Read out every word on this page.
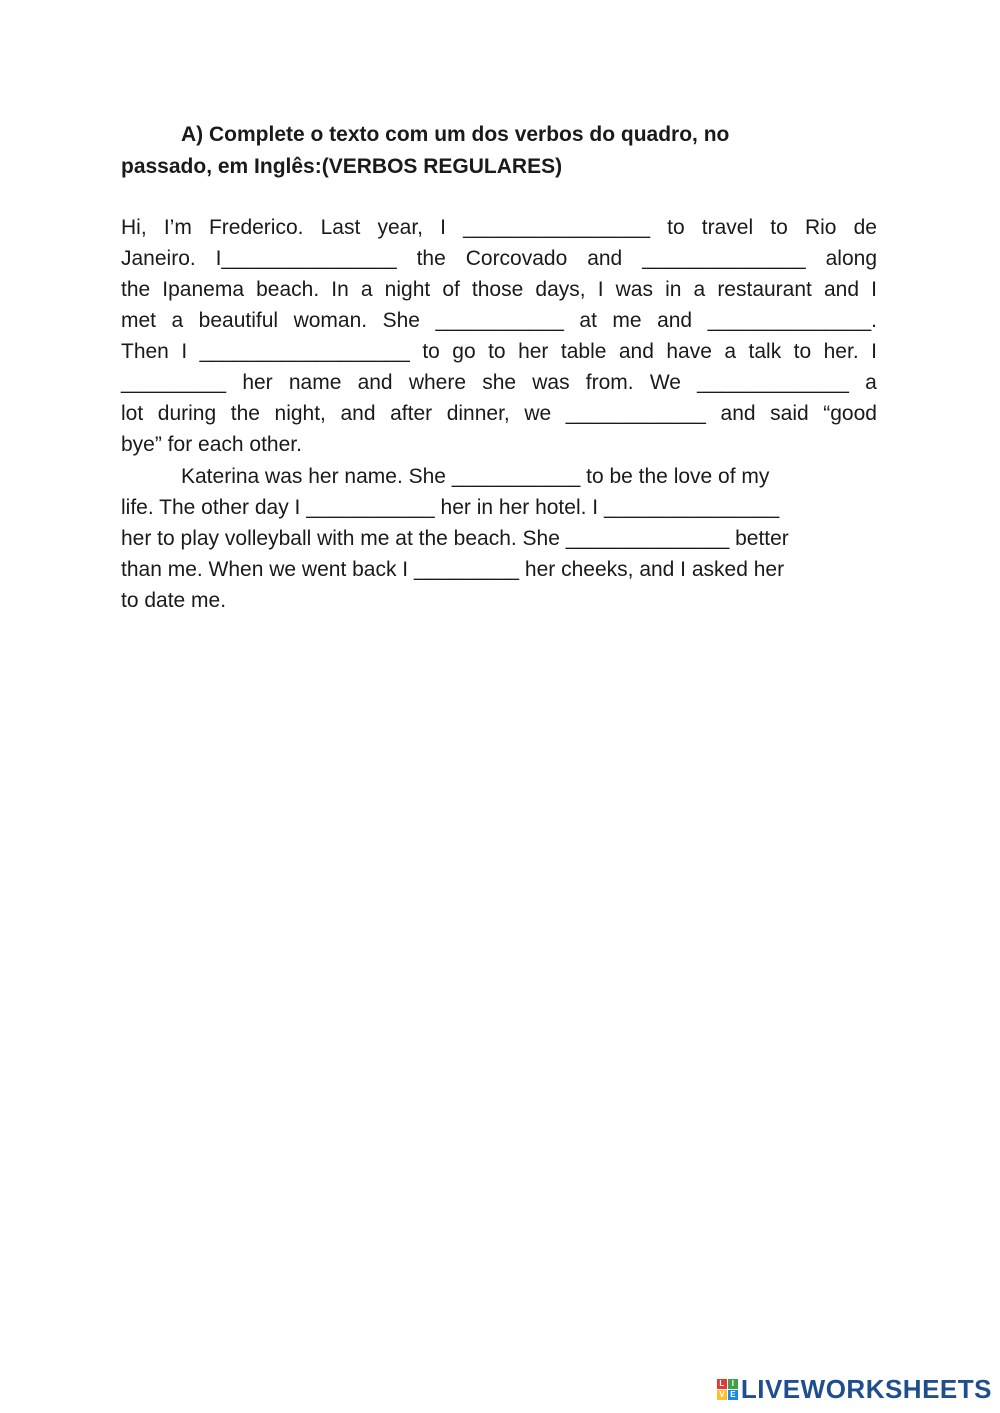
A) Complete o texto com um dos verbos do quadro, no
passado, em Inglês:(VERBOS REGULARES)
Hi, I’m Frederico. Last year, I ________________ to travel to Rio de
Janeiro. I_______________ the Corcovado and ______________ along
the Ipanema beach. In a night of those days, I was in a restaurant and I
met a beautiful woman. She ___________ at me and ______________.
Then I __________________ to go to her table and have a talk to her. I
_________ her name and where she was from. We _____________ a
lot during the night, and after dinner, we ____________ and said “good
bye” for each other.
Katerina was her name. She ___________ to be the love of my
life. The other day I ___________ her in her hotel. I _______________
her to play volleyball with me at the beach. She ______________ better
than me. When we went back I _________ her cheeks, and I asked her
to date me.
L I
V E LIVEWORKSHEETS
